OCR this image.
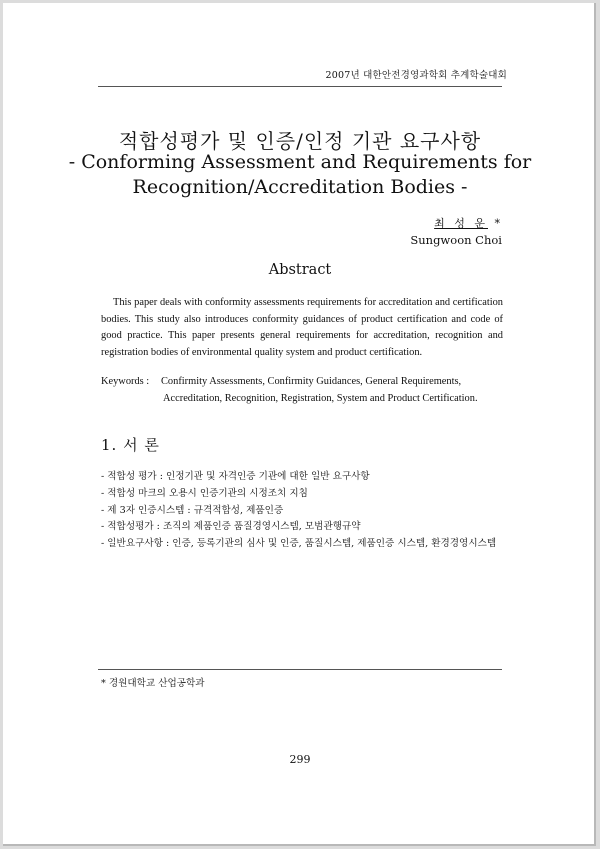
2007년 대한안전경영과학회 추계학술대회
적합성평가 및 인증/인정 기관 요구사항
- Conforming Assessment and Requirements for
Recognition/Accreditation Bodies -
최 성 운 *
Sungwoon Choi
Abstract
This paper deals with conformity assessments requirements for accreditation and certification bodies. This study also introduces conformity guidances of product certification and code of good practice. This paper presents general requirements for accreditation, recognition and registration bodies of environmental quality system and product certification.
Keywords : Confirmity Assessments, Confirmity Guidances, General Requirements,
Accreditation, Recognition, Registration, System and Product Certification.
1. 서 론
- 적합성 평가 : 인정기관 및 자격인증 기관에 대한 일반 요구사항
- 적합성 마크의 오용시 인증기관의 시정조치 지침
- 제 3자 인증시스템 : 규격적합성, 제품인증
- 적합성평가 : 조직의 제품인증 품질경영시스템, 모범관행규약
- 일반요구사항 : 인증, 등록기관의 심사 및 인증, 품질시스템, 제품인증 시스템, 환경경영시스템
* 경원대학교 산업공학과
299
